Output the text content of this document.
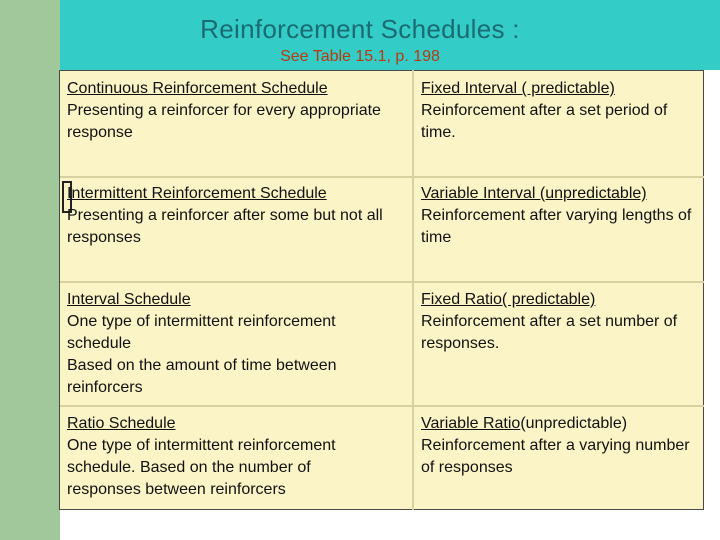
Reinforcement Schedules :
See Table 15.1, p. 198
Continuous Reinforcement Schedule
Presenting a reinforcer for every appropriate response
Fixed Interval ( predictable)
Reinforcement after a set period of time.
Intermittent Reinforcement Schedule
Presenting a reinforcer after some but not all responses
Variable Interval (unpredictable)
Reinforcement after varying lengths of time
Interval Schedule
One type of intermittent reinforcement schedule
Based on the amount of time between reinforcers
Fixed Ratio( predictable)
Reinforcement after a set number of responses.
Ratio Schedule
One type of intermittent reinforcement schedule. Based on the number of responses between reinforcers
Variable Ratio(unpredictable)
Reinforcement after a varying number of responses
